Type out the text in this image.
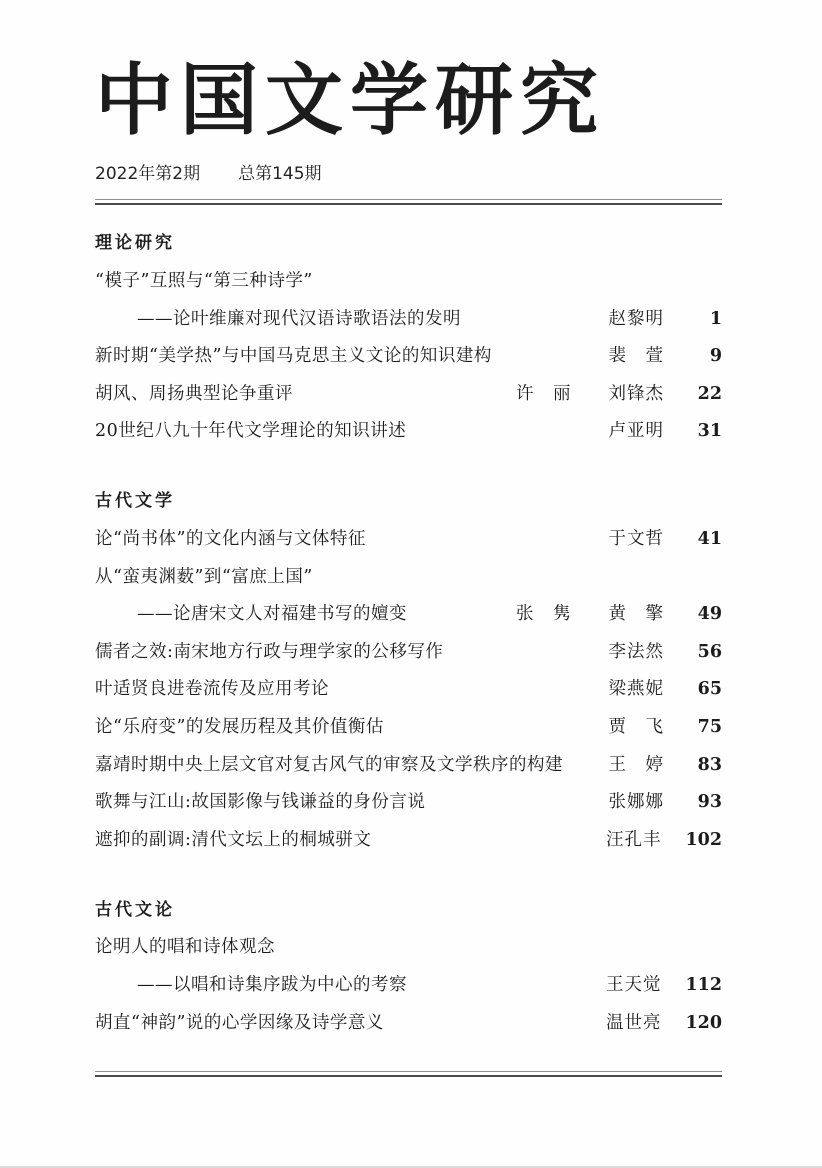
中国文学研究
2022年第2期 总第145期
理论研究
“模子”互照与“第三种诗学”
——论叶维廉对现代汉语诗歌语法的发明	赵黎明	1
新时期“美学热”与中国马克思主义文论的知识建构	裴　萱	9
胡风、周扬典型论争重评	许　丽　　刘锋杰	22
20世纪八九十年代文学理论的知识讲述	卢亚明	31
古代文学
论“尚书体”的文化内涵与文体特征	于文哲	41
从“蛮夷渊薮”到“富庶上国”
——论唐宋文人对福建书写的嬗变	张　隽　　黄　擎	49
儒者之效:南宋地方行政与理学家的公移写作	李法然	56
叶适贤良进卷流传及应用考论	梁燕妮	65
论“乐府变”的发展历程及其价值衡估	贾　飞	75
嘉靖时期中央上层文官对复古风气的审察及文学秩序的构建	王　婷	83
歌舞与江山:故国影像与钱谦益的身份言说	张娜娜	93
遮抑的副调:清代文坛上的桐城骈文	汪孔丰 102
古代文论
论明人的唱和诗体观念
——以唱和诗集序跋为中心的考察	王天觉 112
胡直“神韵”说的心学因缘及诗学意义	温世亮 120
